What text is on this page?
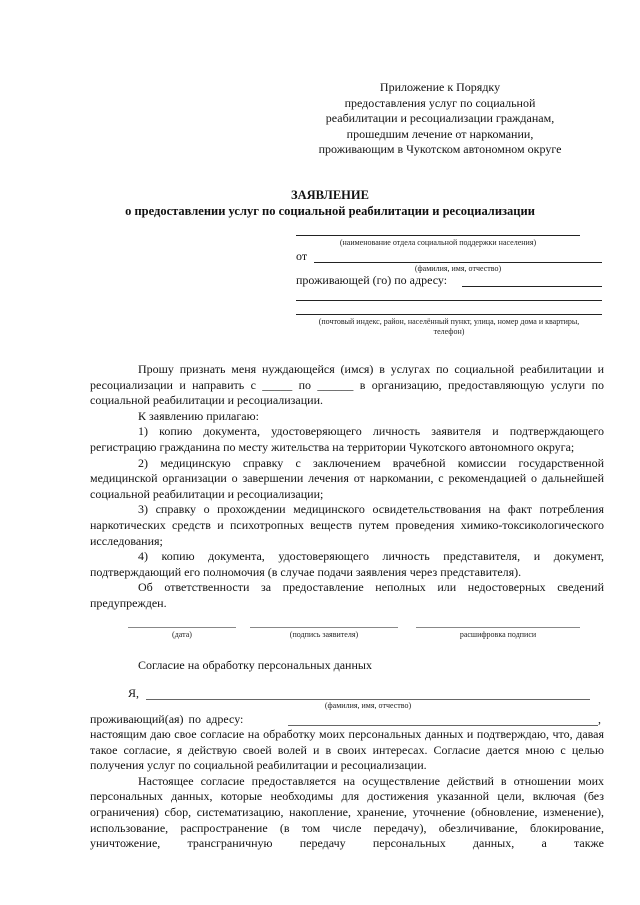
Приложение к Порядку
предоставления услуг по социальной
реабилитации и ресоциализации гражданам,
прошедшим лечение от наркомании,
проживающим в Чукотском автономном округе
ЗАЯВЛЕНИЕ
о предоставлении услуг по социальной реабилитации и ресоциализации
(наименование отдела социальной поддержки населения)
от
(фамилия, имя, отчество)
проживающей (го) по адресу:
(почтовый индекс, район, населённый пункт, улица, номер дома и квартиры,
телефон)

Прошу признать меня нуждающейся (имся) в услугах по социальной реабилитации и ресоциализации и направить с _____ по ______ в организацию, предоставляющую услуги по социальной реабилитации и ресоциализации.

К заявлению прилагаю:

1) копию документа, удостоверяющего личность заявителя и подтверждающего регистрацию гражданина по месту жительства на территории Чукотского автономного округа;

2) медицинскую справку с заключением врачебной комиссии государственной медицинской организации о завершении лечения от наркомании, с рекомендацией о дальнейшей социальной реабилитации и ресоциализации;

3) справку о прохождении медицинского освидетельствования на факт потребления наркотических средств и психотропных веществ путем проведения химико-токсикологического исследования;

4) копию документа, удостоверяющего личность представителя, и документ, подтверждающий его полномочия (в случае подачи заявления через представителя).

Об ответственности за предоставление неполных или недостоверных сведений предупрежден.

(дата)	(подпись заявителя)	расшифровка подписи
Согласие на обработку персональных данных
Я,
(фамилия, имя, отчество)
проживающий(ая) по адресу:	,

настоящим даю свое согласие на обработку моих персональных данных и подтверждаю, что, давая такое согласие, я действую своей волей и в своих интересах. Согласие дается мною с целью получения услуг по социальной реабилитации и ресоциализации.

Настоящее согласие предоставляется на осуществление действий в отношении моих персональных данных, которые необходимы для достижения указанной цели, включая (без ограничения) сбор, систематизацию, накопление, хранение, уточнение (обновление, изменение), использование, распространение (в том числе передачу), обезличивание, блокирование, уничтожение, трансграничную передачу персональных данных, а также
